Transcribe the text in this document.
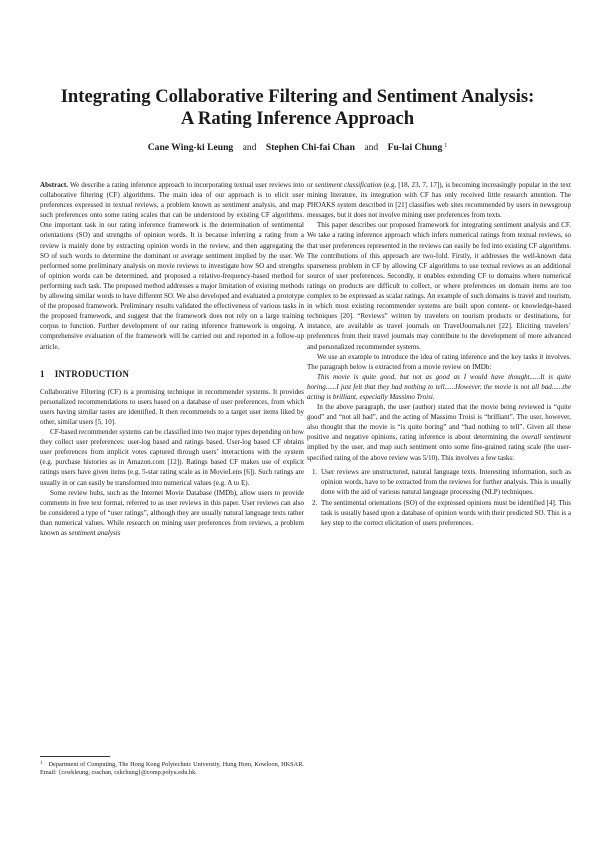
Integrating Collaborative Filtering and Sentiment Analysis: A Rating Inference Approach
Cane Wing-ki Leung and Stephen Chi-fai Chan and Fu-lai Chung $^1$

Abstract. We describe a rating inference approach to incorporating textual user reviews into collaborative filtering (CF) algorithms. The main idea of our approach is to elicit user preferences expressed in textual reviews, a problem known as sentiment analysis, and map such preferences onto some rating scales that can be understood by existing CF algorithms. One important task in our rating inference framework is the determination of sentimental orientations (SO) and strengths of opinion words. It is because inferring a rating from a review is mainly done by extracting opinion words in the review, and then aggregating the SO of such words to determine the dominant or average sentiment implied by the user. We performed some preliminary analysis on movie reviews to investigate how SO and strengths of opinion words can be determined, and proposed a relative-frequency-based method for performing such task. The proposed method addresses a major limitation of existing methods by allowing similar words to have different SO. We also developed and evaluated a prototype of the proposed framework. Preliminary results validated the effectiveness of various tasks in the proposed framework, and suggest that the framework does not rely on a large training corpus to function. Further development of our rating inference framework is ongoing. A comprehensive evaluation of the framework will be carried out and reported in a follow-up article.

1 INTRODUCTION

Collaborative Filtering (CF) is a promising technique in recommender systems. It provides personalized recommendations to users based on a database of user preferences, from which users having similar tastes are identified. It then recommends to a target user items liked by other, similar users [5, 10].

CF-based recommender systems can be classified into two major types depending on how they collect user preferences: user-log based and ratings based. User-log based CF obtains user preferences from implicit votes captured through users’ interactions with the system (e.g. purchase histories as in Amazon.com [12]). Ratings based CF makes use of explicit ratings users have given items (e.g. 5-star rating scale as in MovieLens [6]). Such ratings are usually in or can easily be transformed into numerical values (e.g. A to E).

Some review hubs, such as the Internet Movie Database (IMDb), allow users to provide comments in free text format, referred to as user reviews in this paper. User reviews can also be considered a type of “user ratings”, although they are usually natural language texts rather than numerical values. While research on mining user preferences from reviews, a problem known as sentiment analysis

or sentiment classification (e.g. [18, 23, 7, 17]), is becoming increasingly popular in the text mining literature, its integration with CF has only received little research attention. The PHOAKS system described in [21] classifies web sites recommended by users in newsgroup messages, but it does not involve mining user preferences from texts.

This paper describes our proposed framework for integrating sentiment analysis and CF. We take a rating inference approach which infers numerical ratings from textual reviews, so that user preferences represented in the reviews can easily be fed into existing CF algorithms. The contributions of this approach are two-fold. Firstly, it addresses the well-known data sparseness problem in CF by allowing CF algorithms to use textual reviews as an additional source of user preferences. Secondly, it enables extending CF to domains where numerical ratings on products are difficult to collect, or where preferences on domain items are too complex to be expressed as scalar ratings. An example of such domains is travel and tourism, in which most existing recommender systems are built upon content- or knowledge-based techniques [20]. “Reviews” written by travelers on tourism products or destinations, for instance, are available as travel journals on TravelJournals.net [22]. Eliciting travelers’ preferences from their travel journals may contribute to the development of more advanced and personalized recommender systems.

We use an example to introduce the idea of rating inference and the key tasks it involves. The paragraph below is extracted from a movie review on IMDb:

This movie is quite good, but not as good as I would have thought......It is quite boring......I just felt that they had nothing to tell......However, the movie is not all bad......the acting is brilliant, especially Massimo Troisi.

In the above paragraph, the user (author) stated that the movie being reviewed is “quite good” and “not all bad”, and the acting of Massimo Troisi is “brilliant”. The user, however, also thought that the movie is “is quite boring” and “had nothing to tell”. Given all these positive and negative opinions, rating inference is about determining the overall sentiment implied by the user, and map such sentiment onto some fine-grained rating scale (the user-specified rating of the above review was 5/10). This involves a few tasks:

1. User reviews are unstructured, natural language texts. Interesting information, such as opinion words, have to be extracted from the reviews for further analysis. This is usually done with the aid of various natural language processing (NLP) techniques.
2. The sentimental orientations (SO) of the expressed opinions must be identified [4]. This task is usually based upon a database of opinion words with their predicted SO. This is a key step to the correct elicitation of users preferences.
$^1$ Department of Computing, The Hong Kong Polytechnic University, Hung Hom, Kowloon, HKSAR. Email: {cswkleung, csschan, cskchung}@comp.polyu.edu.hk.
